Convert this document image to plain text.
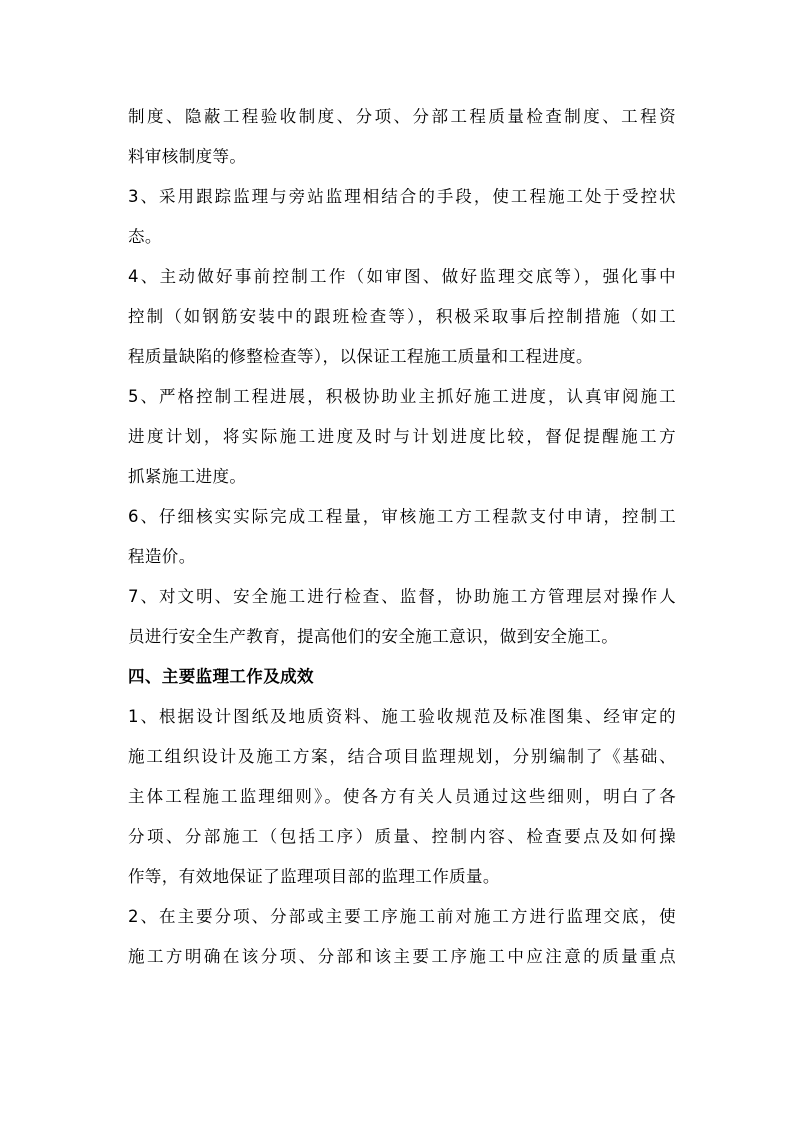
制度、隐蔽工程验收制度、分项、分部工程质量检查制度、工程资

料审核制度等。

3、采用跟踪监理与旁站监理相结合的手段，使工程施工处于受控状

态。

4、主动做好事前控制工作（如审图、做好监理交底等），强化事中

控制（如钢筋安装中的跟班检查等），积极采取事后控制措施（如工

程质量缺陷的修整检查等），以保证工程施工质量和工程进度。

5、严格控制工程进展，积极协助业主抓好施工进度，认真审阅施工

进度计划，将实际施工进度及时与计划进度比较，督促提醒施工方

抓紧施工进度。

6、仔细核实实际完成工程量，审核施工方工程款支付申请，控制工

程造价。

7、对文明、安全施工进行检查、监督，协助施工方管理层对操作人

员进行安全生产教育，提高他们的安全施工意识，做到安全施工。

四、主要监理工作及成效

1、根据设计图纸及地质资料、施工验收规范及标准图集、经审定的

施工组织设计及施工方案，结合项目监理规划，分别编制了《基础、

主体工程施工监理细则》。使各方有关人员通过这些细则，明白了各

分项、分部施工（包括工序）质量、控制内容、检查要点及如何操

作等，有效地保证了监理项目部的监理工作质量。

2、在主要分项、分部或主要工序施工前对施工方进行监理交底，使

施工方明确在该分项、分部和该主要工序施工中应注意的质量重点
